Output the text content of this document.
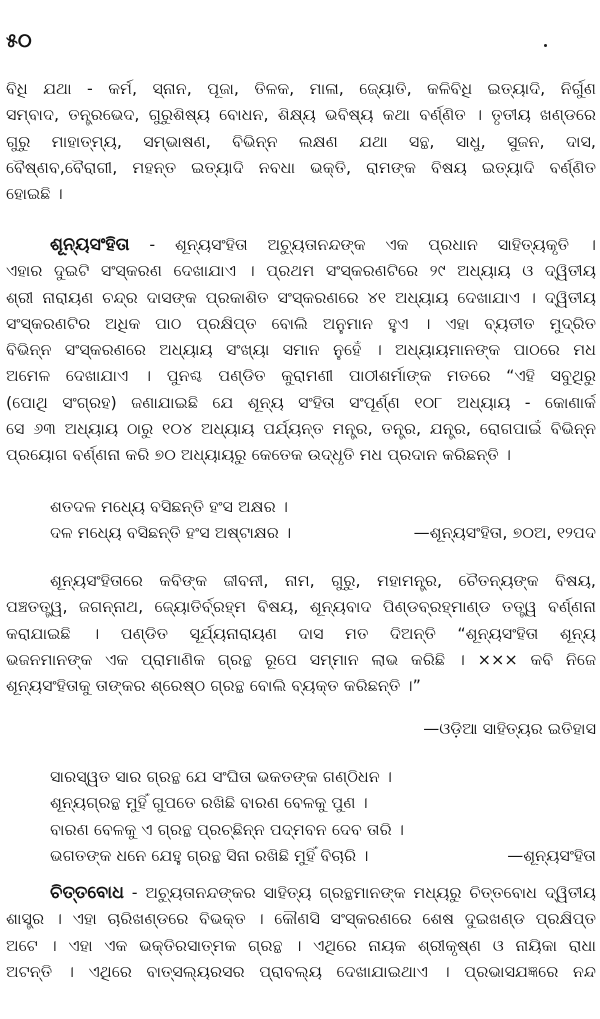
୫୦
ବିଧି ଯଥା - କର୍ମ, ସ୍ନାନ, ପୂଜା, ତିଳକ, ମାଳା, ଜ୍ୟୋତି, କଳିବିଧି ଇତ୍ୟାଦି, ନିର୍ଗୁଣ
ସମ୍ବାଦ, ତନ୍ତ୍ରଭେଦ, ଗୁରୁଶିଷ୍ୟ ବୋଧନ, ଶିକ୍ଷ୍ୟ ଭବିଷ୍ୟ କଥା ବର୍ଣ୍ଣିତ । ତୃତୀୟ ଖଣ୍ଡରେ
ଗୁରୁ ମାହାତ୍ମ୍ୟ, ସମ୍ଭାଷଣ, ବିଭିନ୍ନ ଲକ୍ଷଣ ଯଥା ସନ୍ଥ, ସାଧୁ, ସୁଜନ, ଦାସ,
ବୈଷ୍ଣବ,ବୈରାଗୀ, ମହନ୍ତ ଇତ୍ୟାଦି ନବଧା ଭକ୍ତି, ରାମଙ୍କ ବିଷୟ ଇତ୍ୟାଦି ବର୍ଣ୍ଣିତ
ହୋଇଛି ।
ଶୂନ୍ୟସଂହିତା - ଶୂନ୍ୟସଂହିତା ଅଚ୍ୟୁତାନନ୍ଦଙ୍କ ଏକ ପ୍ରଧାନ ସାହିତ୍ୟକୃତି ।
ଏହାର ଦୁଇଟି ସଂସ୍କରଣ ଦେଖାଯାଏ । ପ୍ରଥମ ସଂସ୍କରଣଟିରେ ୨୯ ଅଧ୍ୟାୟ ଓ ଦ୍ୱିତୀୟ
ଶ୍ରୀ ନାରାୟଣ ଚନ୍ଦ୍ର ଦାସଙ୍କ ପ୍ରକାଶିତ ସଂସ୍କରଣରେ ୪୧ ଅଧ୍ୟାୟ ଦେଖାଯାଏ । ଦ୍ୱିତୀୟ
ସଂସ୍କରଣଟିର ଅଧିକ ପାଠ ପ୍ରକ୍ଷିପ୍ତ ବୋଲି ଅନୁମାନ ହୁଏ । ଏହା ବ୍ୟତୀତ ମୁଦ୍ରିତ
ବିଭିନ୍ନ ସଂସ୍କରଣରେ ଅଧ୍ୟାୟ ସଂଖ୍ୟା ସମାନ ନୁହେଁ । ଅଧ୍ୟାୟମାନଙ୍କ ପାଠରେ ମଧ
ଅମେଳ ଦେଖାଯାଏ । ପୁନଶ୍ଚ ପଣ୍ଡିତ କୁରାମଣୀ ପାଠୀଶର୍ମାଙ୍କ ମତରେ “ଏହି ସବୁଥିରୁ
(ପୋଥି ସଂଗ୍ରହ) ଜଣାଯାଇଛି ଯେ ଶୂନ୍ୟ ସଂହିତା ସଂପୂର୍ଣ୍ଣ ୧୦୮ ଅଧ୍ୟାୟ - କୋଣାର୍କ
ସେ ୬୩ ଅଧ୍ୟାୟ ଠାରୁ ୧୦୪ ଅଧ୍ୟାୟ ପର୍ଯ୍ୟନ୍ତ ମନ୍ତ୍ର, ତନ୍ତ୍ର, ଯନ୍ତ୍ର, ରୋଗପାଇଁ ବିଭିନ୍ନ
ପ୍ରୟୋଗ ବର୍ଣ୍ଣନା କରି ୭୦ ଅଧ୍ୟାୟରୁ କେତେକ ଉଦ୍ଧୃତି ମଧ ପ୍ରଦାନ କରିଛନ୍ତି ।
ଶତଦଳ ମଧ୍ୟେ ବସିଛନ୍ତି ହଂସ ଅକ୍ଷର ।
ଦଳ ମଧ୍ୟେ ବସିଛନ୍ତି ହଂସ ଅଷ୍ଟାକ୍ଷର ।	—ଶୂନ୍ୟସଂହିତା, ୭୦ଅ, ୧୨ପଦ
ଶୂନ୍ୟସଂହିତାରେ କବିଙ୍କ ଜୀବନୀ, ନାମ, ଗୁରୁ, ମହାମନ୍ତ୍ର, ଚୈତନ୍ୟଙ୍କ ବିଷୟ,
ପଞ୍ଚତତ୍ତ୍ୱ, ଜଗନ୍ନାଥ, ଜ୍ୟୋତିର୍ବ୍ରହ୍ମ ବିଷୟ, ଶୂନ୍ୟବାଦ ପିଣ୍ଡବ୍ରହ୍ମାଣ୍ଡ ତତ୍ତ୍ୱ ବର୍ଣ୍ଣନା
କରାଯାଇଛି । ପଣ୍ଡିତ ସୂର୍ଯ୍ୟନାରାୟଣ ଦାସ ମତ ଦିଅନ୍ତି “ଶୂନ୍ୟସଂହିତା ଶୂନ୍ୟ
ଭଜନମାନଙ୍କ ଏକ ପ୍ରାମାଣିକ ଗ୍ରନ୍ଥ ରୂପେ ସମ୍ମାନ ଲାଭ କରିଛି । ××× କବି ନିଜେ
ଶୂନ୍ୟସଂହିତାକୁ ତାଙ୍କର ଶ୍ରେଷ୍ଠ ଗ୍ରନ୍ଥ ବୋଲି ବ୍ୟକ୍ତ କରିଛନ୍ତି ।”
—ଓଡ଼ିଆ ସାହିତ୍ୟର ଇତିହାସ
ସାରସ୍ୱତ ସାର ଗ୍ରନ୍ଥ ଯେ ସଂଘିତା ଭକତଙ୍କ ଗଣ୍ଠିଧନ ।
ଶୂନ୍ୟଗ୍ରନ୍ଥ ମୁହିଁ ଗୁପତେ ରଖିଛି ବାରଣ ବେଳକୁ ପୁଣ ।
ବାରଣ ବେଳକୁ ଏ ଗ୍ରନ୍ଥ ପ୍ରଚ୍ଛିନ୍ନ ପଦ୍ମବନ ଦେବ ତାରି ।
ଭଗତଙ୍କ ଧନେ ଯେହୁ ଗ୍ରନ୍ଥ ସିନା ରଖିଛି ମୁହିଁ ବିଚାରି ।	—ଶୂନ୍ୟସଂହିତା
ଚିତ୍ତବୋଧ - ଅଚ୍ୟୁତାନନ୍ଦଙ୍କର ସାହିତ୍ୟ ଗ୍ରନ୍ଥମାନଙ୍କ ମଧ୍ୟରୁ ଚିତ୍ତବୋଧ ଦ୍ୱିତୀୟ
ଶାସ୍ତ୍ର । ଏହା ଚାରିଖଣ୍ଡରେ ବିଭକ୍ତ । କୌଣସି ସଂସ୍କରଣରେ ଶେଷ ଦୁଇଖଣ୍ଡ ପ୍ରକ୍ଷିପ୍ତ
ଅଟେ । ଏହା ଏକ ଭକ୍ତିରସାତ୍ମକ ଗ୍ରନ୍ଥ । ଏଥିରେ ନାୟକ ଶ୍ରୀକୃଷ୍ଣ ଓ ନାୟିକା ରାଧା
ଅଟନ୍ତି । ଏଥିରେ ବାତ୍ସଲ୍ୟରସର ପ୍ରାବଲ୍ୟ ଦେଖାଯାଇଥାଏ । ପ୍ରଭାସଯଜ୍ଞରେ ନନ୍ଦ
